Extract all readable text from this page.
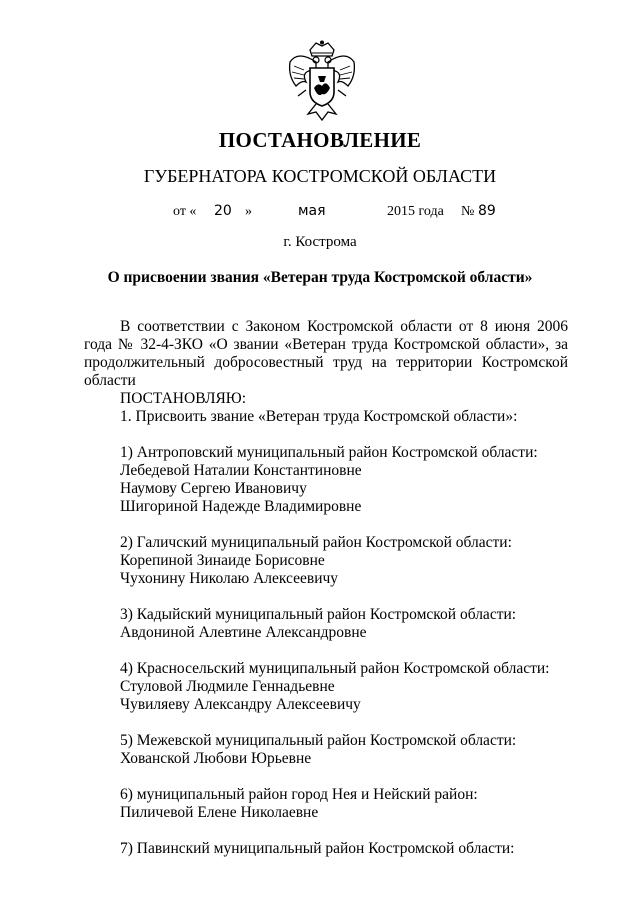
ПОСТАНОВЛЕНИЕ
ГУБЕРНАТОРА КОСТРОМСКОЙ ОБЛАСТИ
от « 20 »	мая	2015 года № 89
г. Кострома
О присвоении звания «Ветеран труда Костромской области»

В соответствии с Законом Костромской области от 8 июня 2006 года № 32-4-ЗКО «О звании «Ветеран труда Костромской области», за продолжительный добросовестный труд на территории Костромской области

ПОСТАНОВЛЯЮ:

1. Присвоить звание «Ветеран труда Костромской области»:

1) Антроповский муниципальный район Костромской области:
Лебедевой Наталии Константиновне
Наумову Сергею Ивановичу
Шигориной Надежде Владимировне
2) Галичский муниципальный район Костромской области:
Корепиной Зинаиде Борисовне
Чухонину Николаю Алексеевичу
3) Кадыйский муниципальный район Костромской области:
Авдониной Алевтине Александровне
4) Красносельский муниципальный район Костромской области:
Стуловой Людмиле Геннадьевне
Чувиляеву Александру Алексеевичу
5) Межевской муниципальный район Костромской области:
Хованской Любови Юрьевне
6) муниципальный район город Нея и Нейский район:
Пиличевой Елене Николаевне
7) Павинский муниципальный район Костромской области:
